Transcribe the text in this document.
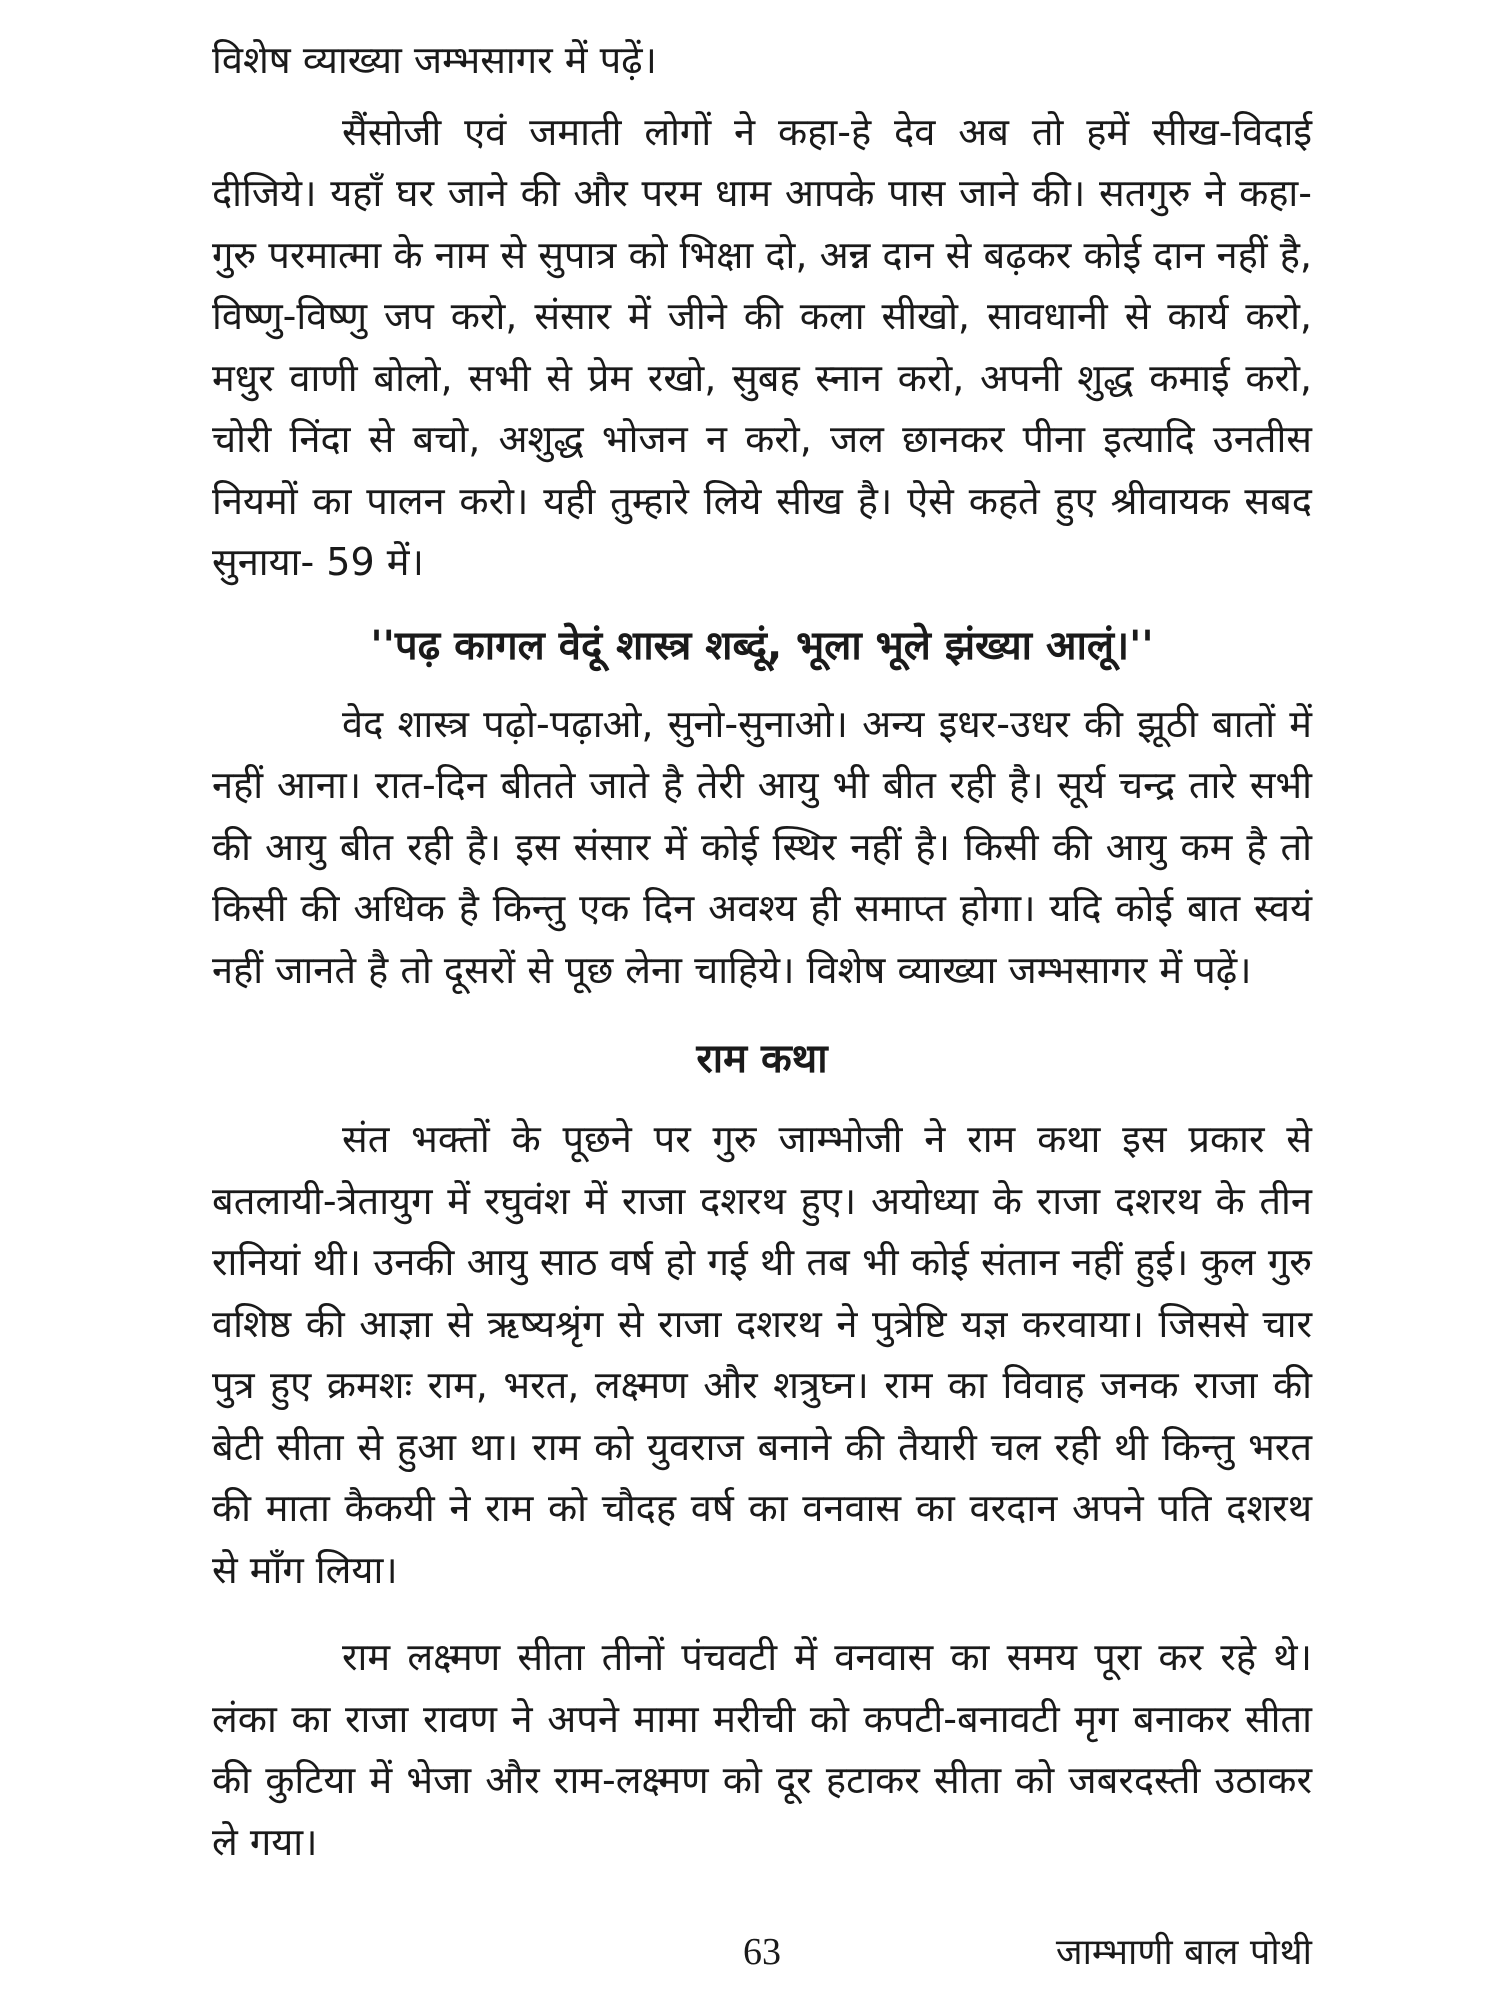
विशेष व्याख्या जम्भसागर में पढ़ें।

सैंसोजी एवं जमाती लोगों ने कहा-हे देव अब तो हमें सीख-विदाई दीजिये। यहाँ घर जाने की और परम धाम आपके पास जाने की। सतगुरु ने कहा-गुरु परमात्मा के नाम से सुपात्र को भिक्षा दो, अन्न दान से बढ़कर कोई दान नहीं है, विष्णु-विष्णु जप करो, संसार में जीने की कला सीखो, सावधानी से कार्य करो, मधुर वाणी बोलो, सभी से प्रेम रखो, सुबह स्नान करो, अपनी शुद्ध कमाई करो, चोरी निंदा से बचो, अशुद्ध भोजन न करो, जल छानकर पीना इत्यादि उनतीस नियमों का पालन करो। यही तुम्हारे लिये सीख है। ऐसे कहते हुए श्रीवायक सबद सुनाया- 59 में।

''पढ़ कागल वेदूं शास्त्र शब्दूं, भूला भूले झंख्या आलूं।''

वेद शास्त्र पढ़ो-पढ़ाओ, सुनो-सुनाओ। अन्य इधर-उधर की झूठी बातों में नहीं आना। रात-दिन बीतते जाते है तेरी आयु भी बीत रही है। सूर्य चन्द्र तारे सभी की आयु बीत रही है। इस संसार में कोई स्थिर नहीं है। किसी की आयु कम है तो किसी की अधिक है किन्तु एक दिन अवश्य ही समाप्त होगा। यदि कोई बात स्वयं नहीं जानते है तो दूसरों से पूछ लेना चाहिये। विशेष व्याख्या जम्भसागर में पढ़ें।

राम कथा

संत भक्तों के पूछने पर गुरु जाम्भोजी ने राम कथा इस प्रकार से बतलायी-त्रेतायुग में रघुवंश में राजा दशरथ हुए। अयोध्या के राजा दशरथ के तीन रानियां थी। उनकी आयु साठ वर्ष हो गई थी तब भी कोई संतान नहीं हुई। कुल गुरु वशिष्ठ की आज्ञा से ऋष्यश्रृंग से राजा दशरथ ने पुत्रेष्टि यज्ञ करवाया। जिससे चार पुत्र हुए क्रमशः राम, भरत, लक्ष्मण और शत्रुघ्न। राम का विवाह जनक राजा की बेटी सीता से हुआ था। राम को युवराज बनाने की तैयारी चल रही थी किन्तु भरत की माता कैकयी ने राम को चौदह वर्ष का वनवास का वरदान अपने पति दशरथ से माँग लिया।

राम लक्ष्मण सीता तीनों पंचवटी में वनवास का समय पूरा कर रहे थे। लंका का राजा रावण ने अपने मामा मरीची को कपटी-बनावटी मृग बनाकर सीता की कुटिया में भेजा और राम-लक्ष्मण को दूर हटाकर सीता को जबरदस्ती उठाकर ले गया।

63	जाम्भाणी बाल पोथी
